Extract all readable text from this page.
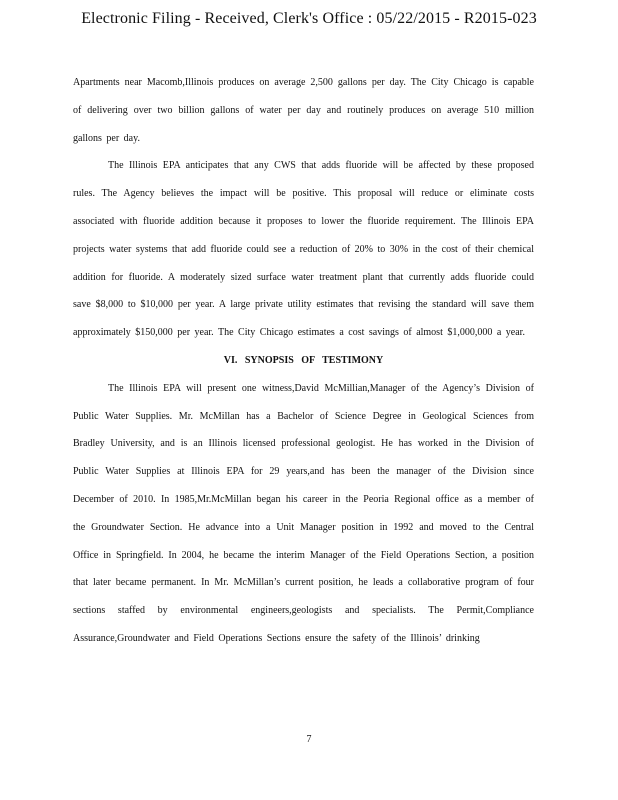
Electronic Filing - Received, Clerk's Office : 05/22/2015 - R2015-023

Apartments near Macomb,Illinois produces on average 2,500 gallons per day. The City Chicago is capable of delivering over two billion gallons of water per day and routinely produces on average 510 million gallons per day.

The Illinois EPA anticipates that any CWS that adds fluoride will be affected by these proposed rules. The Agency believes the impact will be positive. This proposal will reduce or eliminate costs associated with fluoride addition because it proposes to lower the fluoride requirement. The Illinois EPA projects water systems that add fluoride could see a reduction of 20% to 30% in the cost of their chemical addition for fluoride. A moderately sized surface water treatment plant that currently adds fluoride could save $8,000 to $10,000 per year. A large private utility estimates that revising the standard will save them approximately $150,000 per year. The City Chicago estimates a cost savings of almost $1,000,000 a year.

VI. SYNOPSIS OF TESTIMONY

The Illinois EPA will present one witness,David McMillian,Manager of the Agency’s Division of Public Water Supplies. Mr. McMillan has a Bachelor of Science Degree in Geological Sciences from Bradley University, and is an Illinois licensed professional geologist. He has worked in the Division of Public Water Supplies at Illinois EPA for 29 years,and has been the manager of the Division since December of 2010. In 1985,Mr.McMillan began his career in the Peoria Regional office as a member of the Groundwater Section. He advance into a Unit Manager position in 1992 and moved to the Central Office in Springfield. In 2004, he became the interim Manager of the Field Operations Section, a position that later became permanent. In Mr. McMillan’s current position, he leads a collaborative program of four sections staffed by environmental engineers,geologists and specialists. The Permit,Compliance Assurance,Groundwater and Field Operations Sections ensure the safety of the Illinois’ drinking

7
